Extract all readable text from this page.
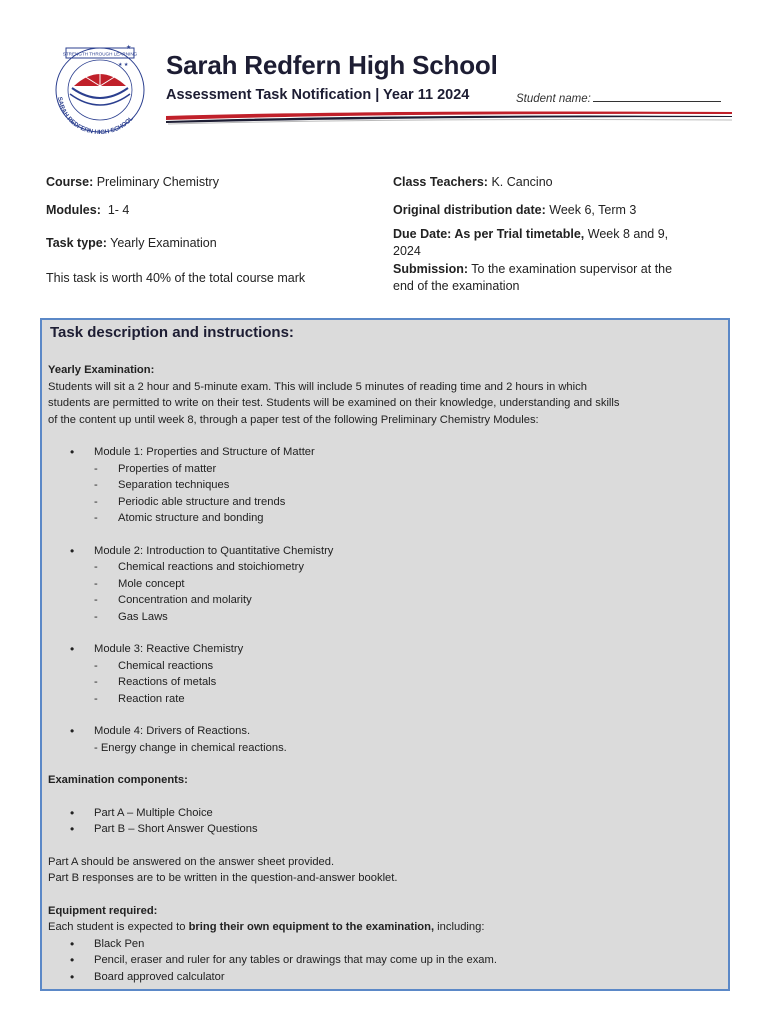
STRENGTH THROUGH LEARNING
★
★ ★
SARAH REDFERN HIGH SCHOOL
Sarah Redfern High School
Assessment Task Notification | Year 11 2024	Student name:
Course: Preliminary Chemistry
Modules: 1- 4
Task type: Yearly Examination
This task is worth 40% of the total course mark
Class Teachers: K. Cancino
Original distribution date: Week 6, Term 3
Due Date: As per Trial timetable, Week 8 and 9,
2024
Submission: To the examination supervisor at the
end of the examination
Task description and instructions:

Yearly Examination:

Students will sit a 2 hour and 5-minute exam. This will include 5 minutes of reading time and 2 hours in which

students are permitted to write on their test. Students will be examined on their knowledge, understanding and skills

of the content up until week 8, through a paper test of the following Preliminary Chemistry Modules:

• Module 1: Properties and Structure of Matter
- Properties of matter
- Separation techniques
- Periodic able structure and trends
- Atomic structure and bonding
• Module 2: Introduction to Quantitative Chemistry
- Chemical reactions and stoichiometry
- Mole concept
- Concentration and molarity
- Gas Laws
• Module 3: Reactive Chemistry
- Chemical reactions
- Reactions of metals
- Reaction rate
• Module 4: Drivers of Reactions.
- Energy change in chemical reactions.

Examination components:

• Part A – Multiple Choice
• Part B – Short Answer Questions

Part A should be answered on the answer sheet provided.

Part B responses are to be written in the question-and-answer booklet.

Equipment required:

Each student is expected to bring their own equipment to the examination, including:

• Black Pen
• Pencil, eraser and ruler for any tables or drawings that may come up in the exam.
• Board approved calculator
